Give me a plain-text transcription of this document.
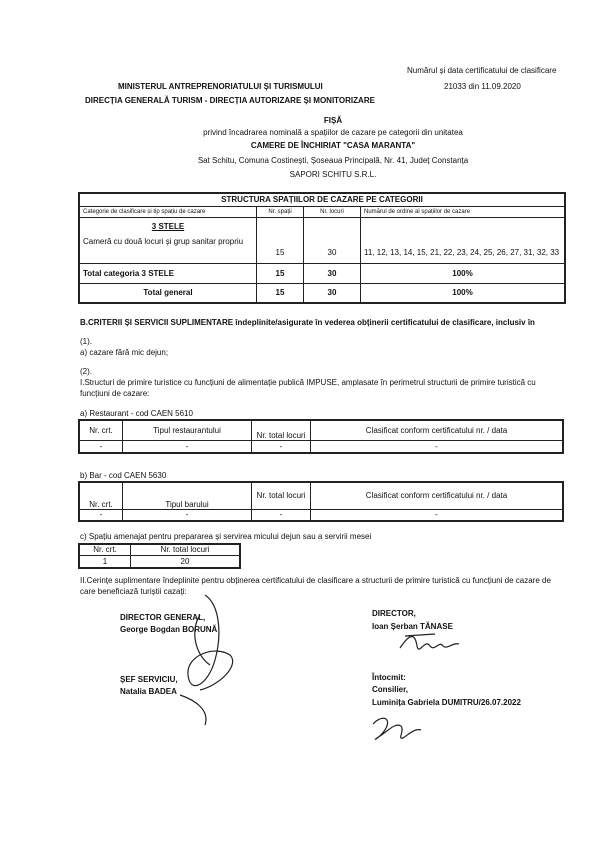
Numărul și data certificatului de clasificare
21033 din 11.09.2020
MINISTERUL ANTREPRENORIATULUI ȘI TURISMULUI
DIRECȚIA GENERALĂ TURISM - DIRECȚIA AUTORIZARE ȘI MONITORIZARE
FIȘĂ
privind încadrarea nominală a spațiilor de cazare pe categorii din unitatea
CAMERE DE ÎNCHIRIAT "CASA MARANTA"
Sat Schitu, Comuna Costinești, Șoseaua Principală, Nr. 41, Județ Constanța
SAPORI SCHITU S.R.L.
STRUCTURA SPAȚIILOR DE CAZARE PE CATEGORII			
Categorie de clasificare și tip spațiu de cazare	Nr. spații	Nr. locuri	Numărul de ordine al spațiilor de cazare

3 STELE
Cameră cu două locuri și grup sanitar propriu	15	30	11, 12, 13, 14, 15, 21, 22, 23, 24, 25, 26, 27, 31, 32, 33
Total categoria 3 STELE	15	30	100%
Total general	15	30	100%
B.CRITERII ȘI SERVICII SUPLIMENTARE îndeplinite/asigurate în vederea obținerii certificatului de clasificare, inclusiv în
(1).
a) cazare fără mic dejun;
(2).
I.Structuri de primire turistice cu funcțiuni de alimentație publică IMPUSE, amplasate în perimetrul structurii de primire turistică cu
funcțiuni de cazare:
a) Restaurant - cod CAEN 5610
Nr. crt.	Tipul restaurantului	Nr. total locuri	Clasificat conform certificatului nr. / data
-	-	-	-
b) Bar - cod CAEN 5630
Nr. crt.	Tipul barului	Nr. total locuri	Clasificat conform certificatului nr. / data
-	-	-	-
c) Spațiu amenajat pentru prepararea și servirea micului dejun sau a servirii mesei
Nr. crt.	Nr. total locuri
1	20
II.Cerințe suplimentare îndeplinite pentru obținerea certificatului de clasificare a structurii de primire turistică cu funcțiuni de cazare de
care beneficiază turiștii cazați:
DIRECTOR GENERAL,
George Bogdan BORUNĂ
DIRECTOR,
Ioan Șerban TĂNASE
ȘEF SERVICIU,
Natalia BADEA
Întocmit:
Consilier,
Luminița Gabriela DUMITRU/26.07.2022
